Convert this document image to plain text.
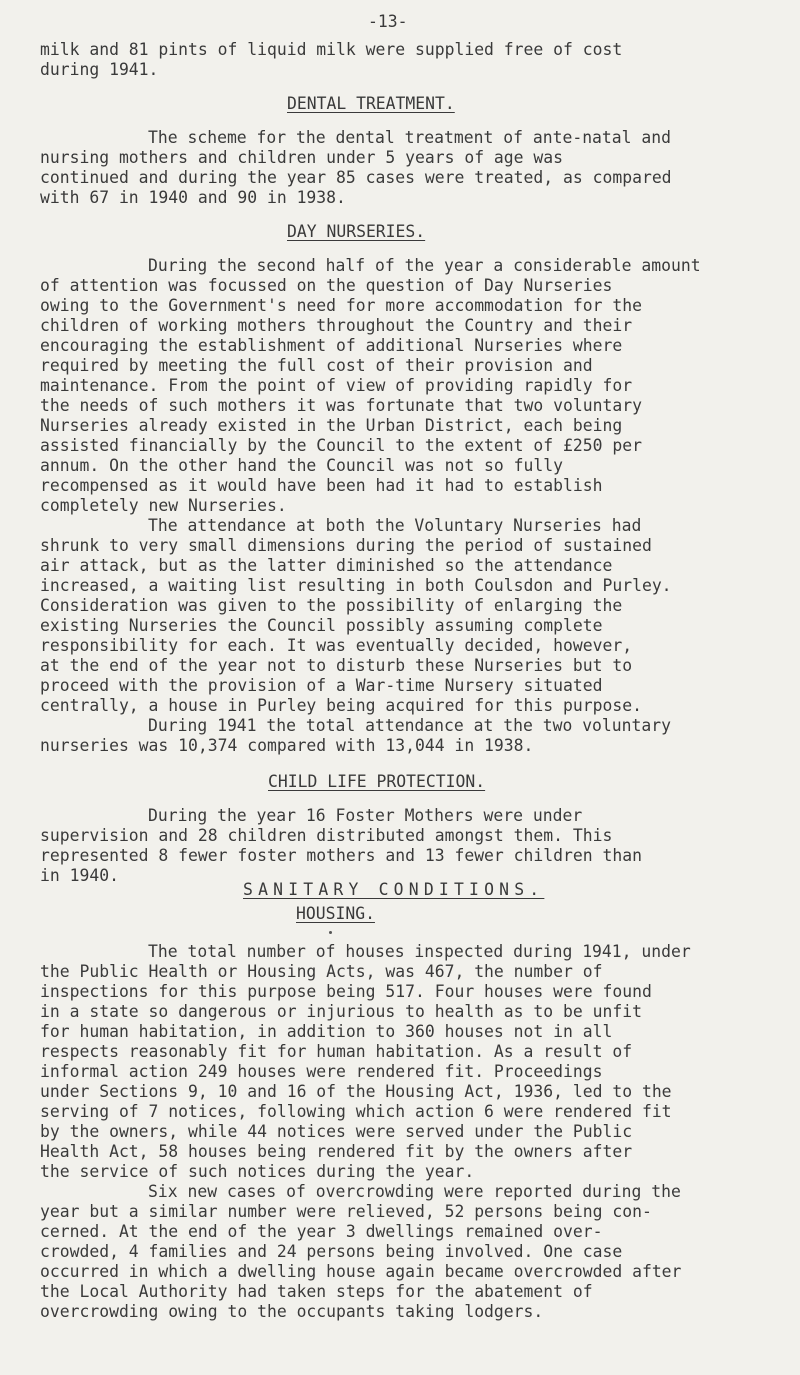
-13-
milk and 81 pints of liquid milk were supplied free of cost
during 1941.
DENTAL TREATMENT.
The scheme for the dental treatment of ante-natal and
nursing mothers and children under 5 years of age was
continued and during the year 85 cases were treated, as compared
with 67 in 1940 and 90 in 1938.
DAY NURSERIES.
During the second half of the year a considerable amount
of attention was focussed on the question of Day Nurseries
owing to the Government's need for more accommodation for the
children of working mothers throughout the Country and their
encouraging the establishment of additional Nurseries where
required by meeting the full cost of their provision and
maintenance. From the point of view of providing rapidly for
the needs of such mothers it was fortunate that two voluntary
Nurseries already existed in the Urban District, each being
assisted financially by the Council to the extent of £250 per
annum. On the other hand the Council was not so fully
recompensed as it would have been had it had to establish
completely new Nurseries.
The attendance at both the Voluntary Nurseries had
shrunk to very small dimensions during the period of sustained
air attack, but as the latter diminished so the attendance
increased, a waiting list resulting in both Coulsdon and Purley.
Consideration was given to the possibility of enlarging the
existing Nurseries the Council possibly assuming complete
responsibility for each. It was eventually decided, however,
at the end of the year not to disturb these Nurseries but to
proceed with the provision of a War-time Nursery situated
centrally, a house in Purley being acquired for this purpose.
During 1941 the total attendance at the two voluntary
nurseries was 10,374 compared with 13,044 in 1938.
CHILD LIFE PROTECTION.
During the year 16 Foster Mothers were under
supervision and 28 children distributed amongst them. This
represented 8 fewer foster mothers and 13 fewer children than
in 1940.
SANITARY CONDITIONS.
HOUSING.
The total number of houses inspected during 1941, under
the Public Health or Housing Acts, was 467, the number of
inspections for this purpose being 517. Four houses were found
in a state so dangerous or injurious to health as to be unfit
for human habitation, in addition to 360 houses not in all
respects reasonably fit for human habitation. As a result of
informal action 249 houses were rendered fit. Proceedings
under Sections 9, 10 and 16 of the Housing Act, 1936, led to the
serving of 7 notices, following which action 6 were rendered fit
by the owners, while 44 notices were served under the Public
Health Act, 58 houses being rendered fit by the owners after
the service of such notices during the year.
Six new cases of overcrowding were reported during the
year but a similar number were relieved, 52 persons being con-
cerned. At the end of the year 3 dwellings remained over-
crowded, 4 families and 24 persons being involved. One case
occurred in which a dwelling house again became overcrowded after
the Local Authority had taken steps for the abatement of
overcrowding owing to the occupants taking lodgers.
